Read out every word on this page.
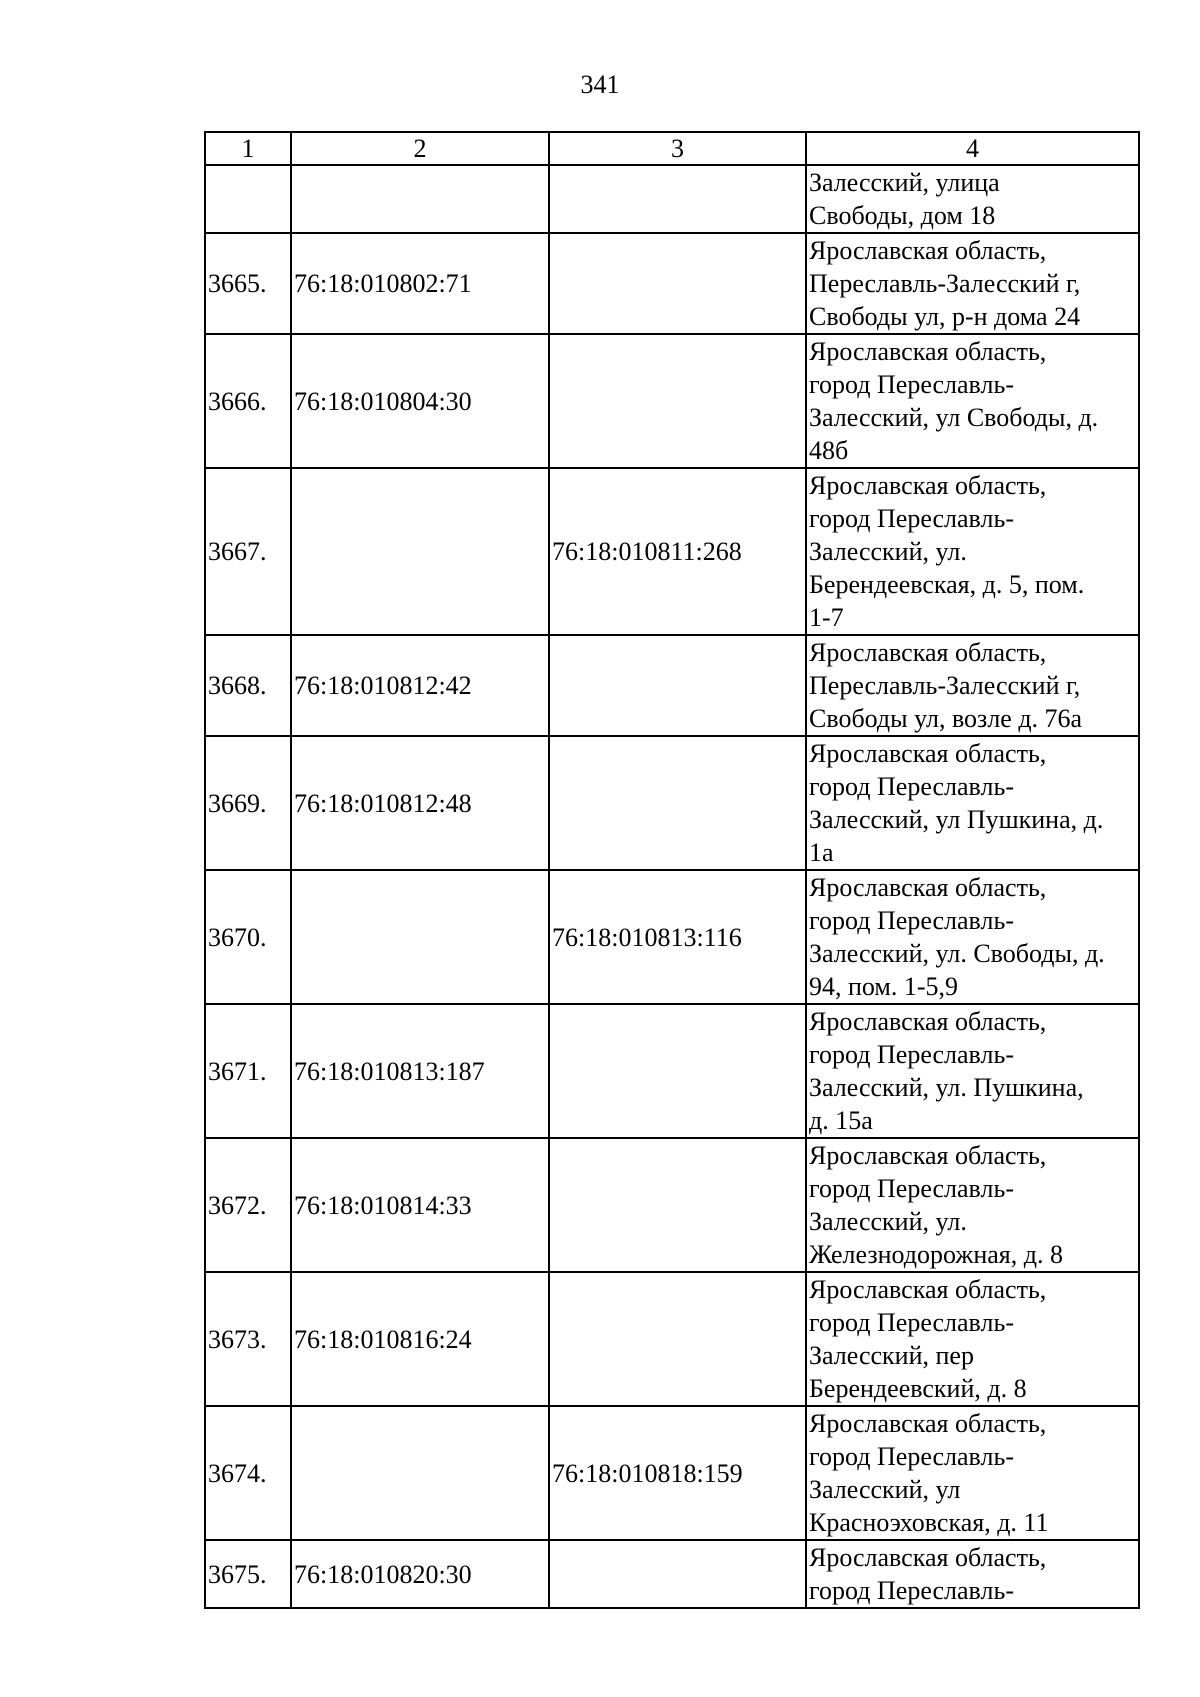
341
1	2	3	4
			Залесский, улица
Свободы, дом 18
3665.	76:18:010802:71		Ярославская область,
Переславль-Залесский г,
Свободы ул, р-н дома 24
3666.	76:18:010804:30		Ярославская область,
город Переславль-
Залесский, ул Свободы, д.
48б
3667.		76:18:010811:268	Ярославская область,
город Переславль-
Залесский, ул.
Берендеевская, д. 5, пом.
1-7
3668.	76:18:010812:42		Ярославская область,
Переславль-Залесский г,
Свободы ул, возле д. 76а
3669.	76:18:010812:48		Ярославская область,
город Переславль-
Залесский, ул Пушкина, д.
1а
3670.		76:18:010813:116	Ярославская область,
город Переславль-
Залесский, ул. Свободы, д.
94, пом. 1-5,9
3671.	76:18:010813:187		Ярославская область,
город Переславль-
Залесский, ул. Пушкина,
д. 15а
3672.	76:18:010814:33		Ярославская область,
город Переславль-
Залесский, ул.
Железнодорожная, д. 8
3673.	76:18:010816:24		Ярославская область,
город Переславль-
Залесский, пер
Берендеевский, д. 8
3674.		76:18:010818:159	Ярославская область,
город Переславль-
Залесский, ул
Красноэховская, д. 11
3675.	76:18:010820:30		Ярославская область,
город Переславль-
